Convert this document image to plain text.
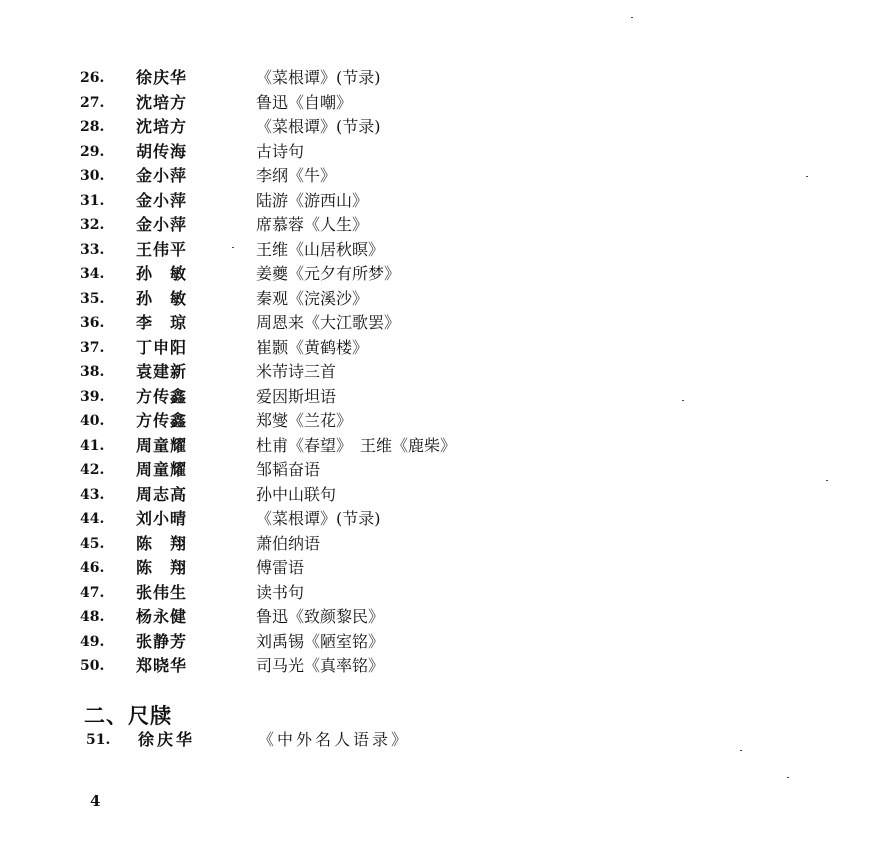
26. 徐庆华	《菜根谭》(节录)
27. 沈培方	鲁迅《自嘲》
28. 沈培方	《菜根谭》(节录)
29. 胡传海	古诗句
30. 金小萍	李纲《牛》
31. 金小萍	陆游《游西山》
32. 金小萍	席慕蓉《人生》
33. 王伟平	王维《山居秋暝》
34. 孙　敏	姜夔《元夕有所梦》
35. 孙　敏	秦观《浣溪沙》
36. 李　琼	周恩来《大江歌罢》
37. 丁申阳	崔颢《黄鹤楼》
38. 袁建新	米芾诗三首
39. 方传鑫	爱因斯坦语
40. 方传鑫	郑燮《兰花》
41. 周童耀	杜甫《春望》　王维《鹿柴》
42. 周童耀	邹韬奋语
43. 周志高	孙中山联句
44. 刘小晴	《菜根谭》(节录)
45. 陈　翔	萧伯纳语
46. 陈　翔	傅雷语
47. 张伟生	读书句
48. 杨永健	鲁迅《致颜黎民》
49. 张静芳	刘禹锡《陋室铭》
50. 郑晓华	司马光《真率铭》
二、尺牍
51. 徐庆华	《中外名人语录》
4
